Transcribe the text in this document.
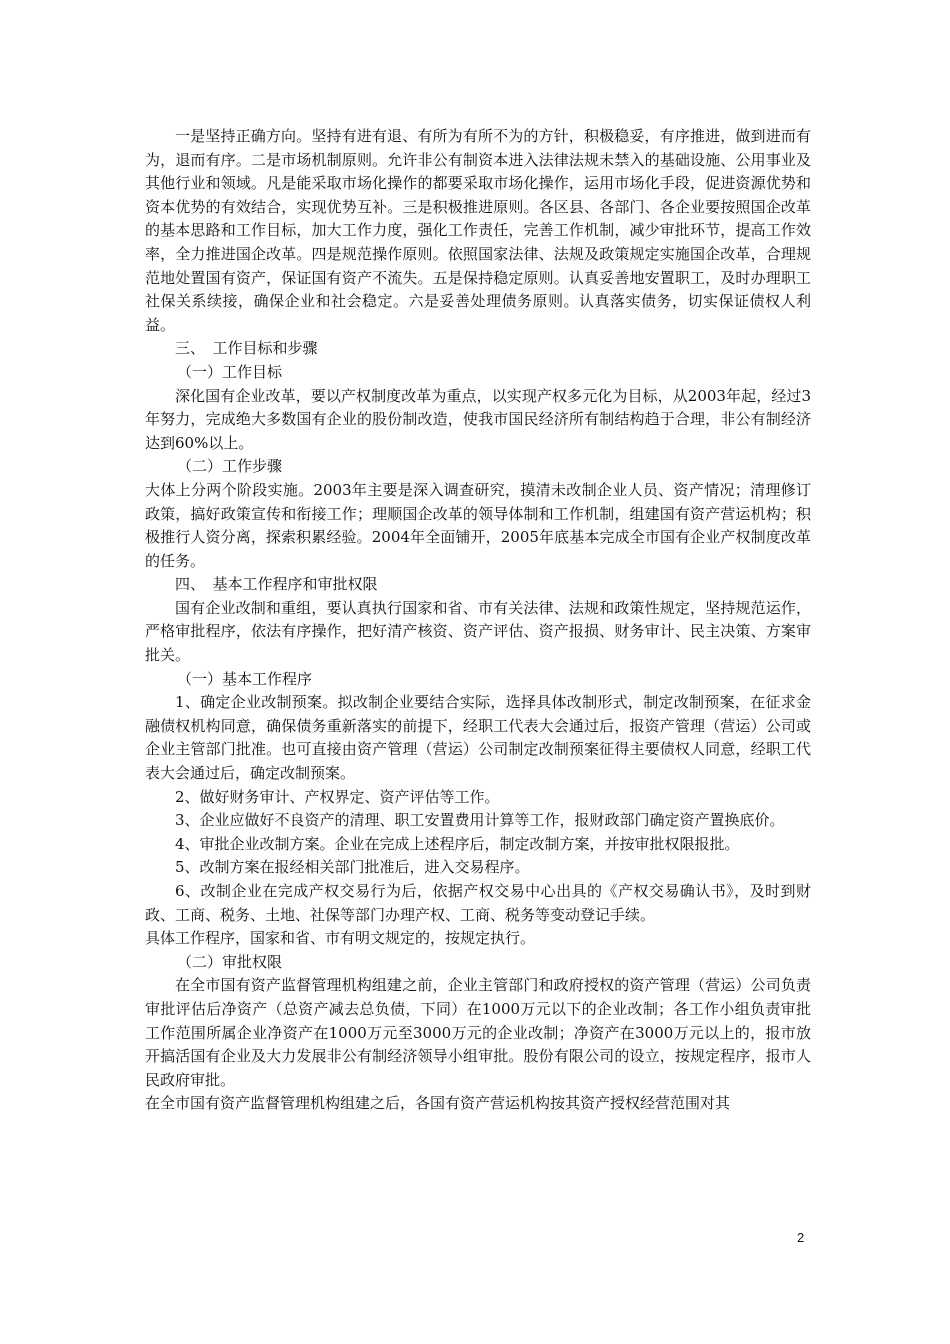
一是坚持正确方向。坚持有进有退、有所为有所不为的方针，积极稳妥，有序推进，做到进而有为，退而有序。二是市场机制原则。允许非公有制资本进入法律法规未禁入的基础设施、公用事业及其他行业和领域。凡是能采取市场化操作的都要采取市场化操作，运用市场化手段，促进资源优势和资本优势的有效结合，实现优势互补。三是积极推进原则。各区县、各部门、各企业要按照国企改革的基本思路和工作目标，加大工作力度，强化工作责任，完善工作机制，减少审批环节，提高工作效率，全力推进国企改革。四是规范操作原则。依照国家法律、法规及政策规定实施国企改革，合理规范地处置国有资产，保证国有资产不流失。五是保持稳定原则。认真妥善地安置职工，及时办理职工社保关系续接，确保企业和社会稳定。六是妥善处理债务原则。认真落实债务，切实保证债权人利益。

三、　工作目标和步骤

（一）工作目标

深化国有企业改革，要以产权制度改革为重点，以实现产权多元化为目标，从2003年起，经过3年努力，完成绝大多数国有企业的股份制改造，使我市国民经济所有制结构趋于合理，非公有制经济达到60%以上。

（二）工作步骤

大体上分两个阶段实施。2003年主要是深入调查研究，摸清未改制企业人员、资产情况；清理修订政策，搞好政策宣传和衔接工作；理顺国企改革的领导体制和工作机制，组建国有资产营运机构；积极推行人资分离，探索积累经验。2004年全面铺开，2005年底基本完成全市国有企业产权制度改革的任务。

四、　基本工作程序和审批权限

国有企业改制和重组，要认真执行国家和省、市有关法律、法规和政策性规定，坚持规范运作，严格审批程序，依法有序操作，把好清产核资、资产评估、资产报损、财务审计、民主决策、方案审批关。

（一）基本工作程序

1、确定企业改制预案。拟改制企业要结合实际，选择具体改制形式，制定改制预案，在征求金融债权机构同意，确保债务重新落实的前提下，经职工代表大会通过后，报资产管理（营运）公司或企业主管部门批准。也可直接由资产管理（营运）公司制定改制预案征得主要债权人同意，经职工代表大会通过后，确定改制预案。

2、做好财务审计、产权界定、资产评估等工作。

3、企业应做好不良资产的清理、职工安置费用计算等工作，报财政部门确定资产置换底价。

4、审批企业改制方案。企业在完成上述程序后，制定改制方案，并按审批权限报批。

5、改制方案在报经相关部门批准后，进入交易程序。

6、改制企业在完成产权交易行为后，依据产权交易中心出具的《产权交易确认书》，及时到财政、工商、税务、土地、社保等部门办理产权、工商、税务等变动登记手续。

具体工作程序，国家和省、市有明文规定的，按规定执行。

（二）审批权限

在全市国有资产监督管理机构组建之前，企业主管部门和政府授权的资产管理（营运）公司负责审批评估后净资产（总资产减去总负债，下同）在1000万元以下的企业改制；各工作小组负责审批工作范围所属企业净资产在1000万元至3000万元的企业改制；净资产在3000万元以上的，报市放开搞活国有企业及大力发展非公有制经济领导小组审批。股份有限公司的设立，按规定程序，报市人民政府审批。

在全市国有资产监督管理机构组建之后，各国有资产营运机构按其资产授权经营范围对其

2
